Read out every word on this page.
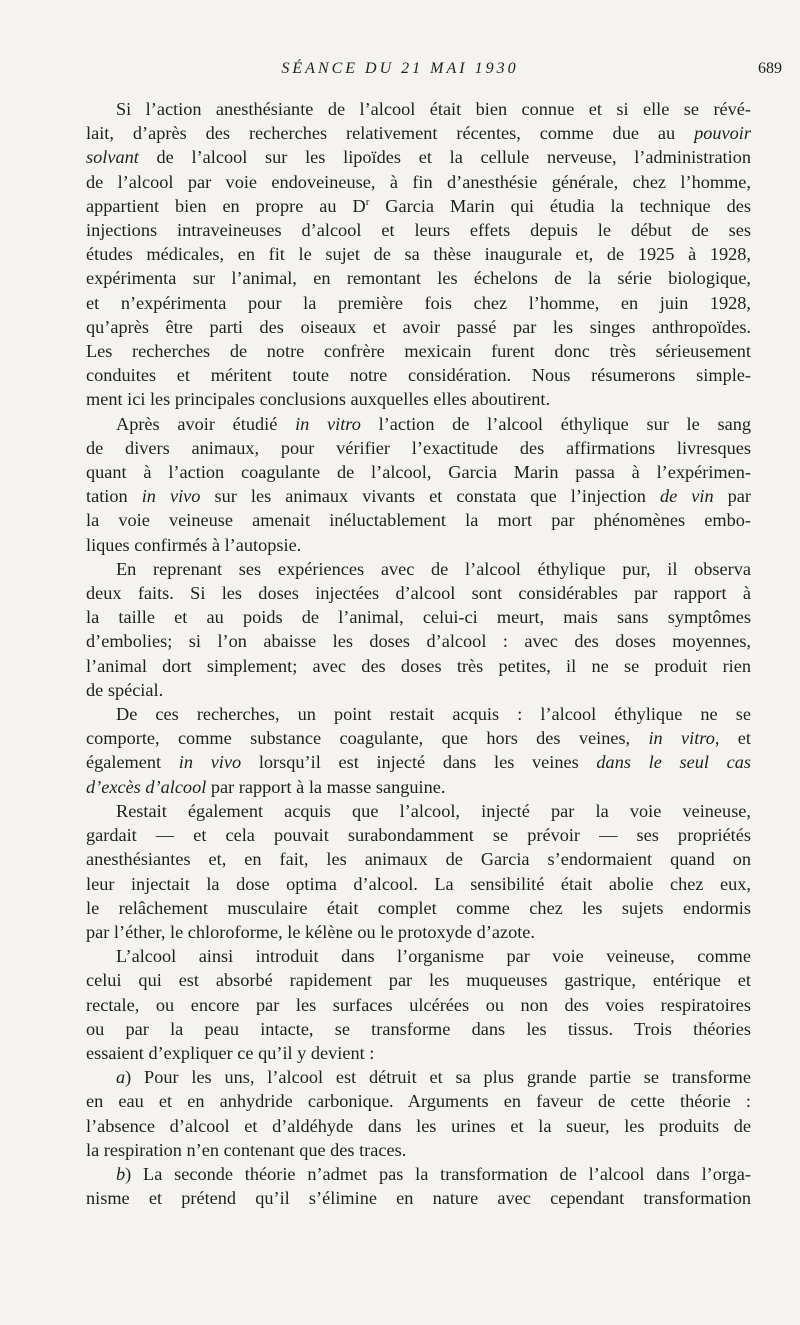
SÉANCE DU 21 MAI 1930	689
Si l’action anesthésiante de l’alcool était bien connue et si elle se révé-
lait, d’après des recherches relativement récentes, comme due au pouvoir
solvant de l’alcool sur les lipoïdes et la cellule nerveuse, l’administration
de l’alcool par voie endoveineuse, à fin d’anesthésie générale, chez l’homme,
appartient bien en propre au $D^r$ Garcia Marin qui étudia la technique des
injections intraveineuses d’alcool et leurs effets depuis le début de ses
études médicales, en fit le sujet de sa thèse inaugurale et, de 1925 à 1928,
expérimenta sur l’animal, en remontant les échelons de la série biologique,
et n’expérimenta pour la première fois chez l’homme, en juin 1928,
qu’après être parti des oiseaux et avoir passé par les singes anthropoïdes.
Les recherches de notre confrère mexicain furent donc très sérieusement
conduites et méritent toute notre considération. Nous résumerons simple-
ment ici les principales conclusions auxquelles elles aboutirent.
Après avoir étudié in vitro l’action de l’alcool éthylique sur le sang
de divers animaux, pour vérifier l’exactitude des affirmations livresques
quant à l’action coagulante de l’alcool, Garcia Marin passa à l’expérimen-
tation in vivo sur les animaux vivants et constata que l’injection de vin par
la voie veineuse amenait inéluctablement la mort par phénomènes embo-
liques confirmés à l’autopsie.
En reprenant ses expériences avec de l’alcool éthylique pur, il observa
deux faits. Si les doses injectées d’alcool sont considérables par rapport à
la taille et au poids de l’animal, celui-ci meurt, mais sans symptômes
d’embolies; si l’on abaisse les doses d’alcool : avec des doses moyennes,
l’animal dort simplement; avec des doses très petites, il ne se produit rien
de spécial.
De ces recherches, un point restait acquis : l’alcool éthylique ne se
comporte, comme substance coagulante, que hors des veines, in vitro, et
également in vivo lorsqu’il est injecté dans les veines dans le seul cas
d’excès d’alcool par rapport à la masse sanguine.
Restait également acquis que l’alcool, injecté par la voie veineuse,
gardait — et cela pouvait surabondamment se prévoir — ses propriétés
anesthésiantes et, en fait, les animaux de Garcia s’endormaient quand on
leur injectait la dose optima d’alcool. La sensibilité était abolie chez eux,
le relâchement musculaire était complet comme chez les sujets endormis
par l’éther, le chloroforme, le kélène ou le protoxyde d’azote.
L’alcool ainsi introduit dans l’organisme par voie veineuse, comme
celui qui est absorbé rapidement par les muqueuses gastrique, entérique et
rectale, ou encore par les surfaces ulcérées ou non des voies respiratoires
ou par la peau intacte, se transforme dans les tissus. Trois théories
essaient d’expliquer ce qu’il y devient :
a) Pour les uns, l’alcool est détruit et sa plus grande partie se transforme
en eau et en anhydride carbonique. Arguments en faveur de cette théorie :
l’absence d’alcool et d’aldéhyde dans les urines et la sueur, les produits de
la respiration n’en contenant que des traces.
b) La seconde théorie n’admet pas la transformation de l’alcool dans l’orga-
nisme et prétend qu’il s’élimine en nature avec cependant transformation
